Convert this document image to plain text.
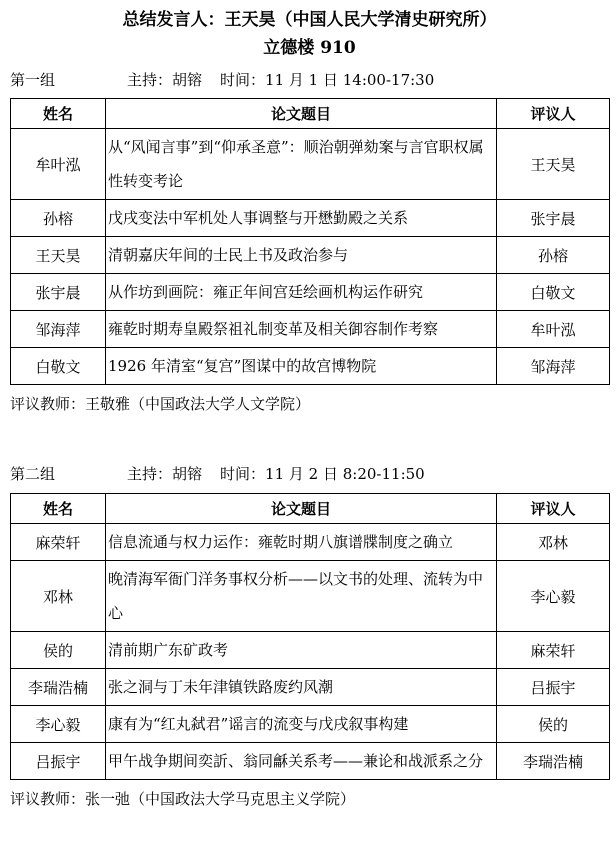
总结发言人：王天昊（中国人民大学清史研究所）
立德楼 910
第一组	主持：胡镕 时间：11 月 1 日 14:00-17:30
姓名	论文题目	评议人
牟叶泓	从“风闻言事”到“仰承圣意”：顺治朝弹劾案与言官职权属性转变考论	王天昊
孙榕	戊戌变法中军机处人事调整与开懋勤殿之关系	张宇晨
王天昊	清朝嘉庆年间的士民上书及政治参与	孙榕
张宇晨	从作坊到画院：雍正年间宫廷绘画机构运作研究	白敬文
邹海萍	雍乾时期寿皇殿祭祖礼制变革及相关御容制作考察	牟叶泓
白敬文	1926 年清室“复宫”图谋中的故宫博物院	邹海萍
评议教师：王敬雅（中国政法大学人文学院）
第二组	主持：胡镕 时间：11 月 2 日 8:20-11:50
姓名	论文题目	评议人
麻荣轩	信息流通与权力运作：雍乾时期八旗谱牒制度之确立	邓林
邓林	晚清海军衙门洋务事权分析——以文书的处理、流转为中心	李心毅
侯的	清前期广东矿政考	麻荣轩
李瑞浩楠	张之洞与丁未年津镇铁路废约风潮	吕振宇
李心毅	康有为“红丸弑君”谣言的流变与戊戌叙事构建	侯的
吕振宇	甲午战争期间奕訢、翁同龢关系考——兼论和战派系之分	李瑞浩楠
评议教师：张一弛（中国政法大学马克思主义学院）
